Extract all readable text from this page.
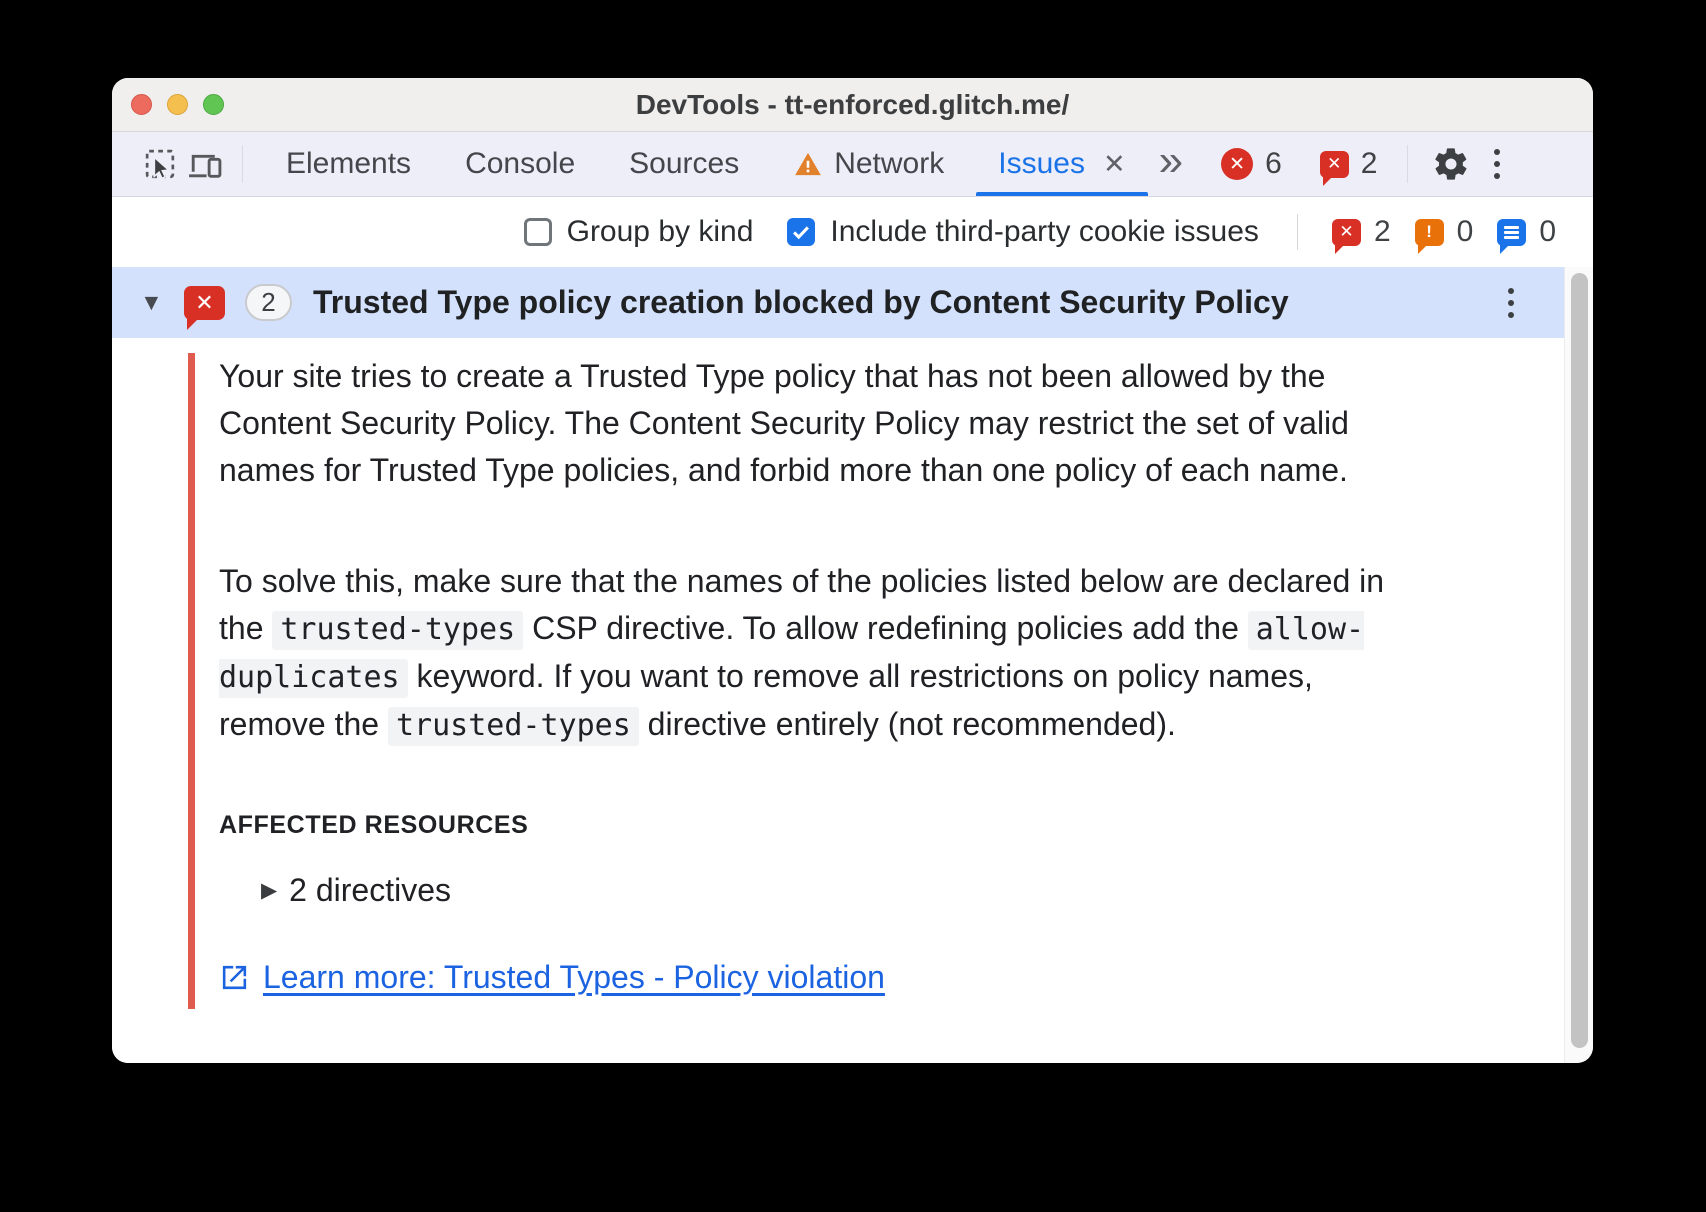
DevTools - tt-enforced.glitch.me/
Elements Console Sources	Network Issues ✕ »	✕ 6	✕ 2
Group by kind	Include third-party cookie issues	✕ 2	! 0 0
▼	✕	2	Trusted Type policy creation blocked by Content Security Policy

Your site tries to create a Trusted Type policy that has not been allowed by the Content Security Policy. The Content Security Policy may restrict the set of valid names for Trusted Type policies, and forbid more than one policy of each name.

To solve this, make sure that the names of the policies listed below are declared in the trusted-types CSP directive. To allow redefining policies add the allow-duplicates keyword. If you want to remove all restrictions on policy names, remove the trusted-types directive entirely (not recommended).

AFFECTED RESOURCES
▶ 2 directives
Learn more: Trusted Types - Policy violation
